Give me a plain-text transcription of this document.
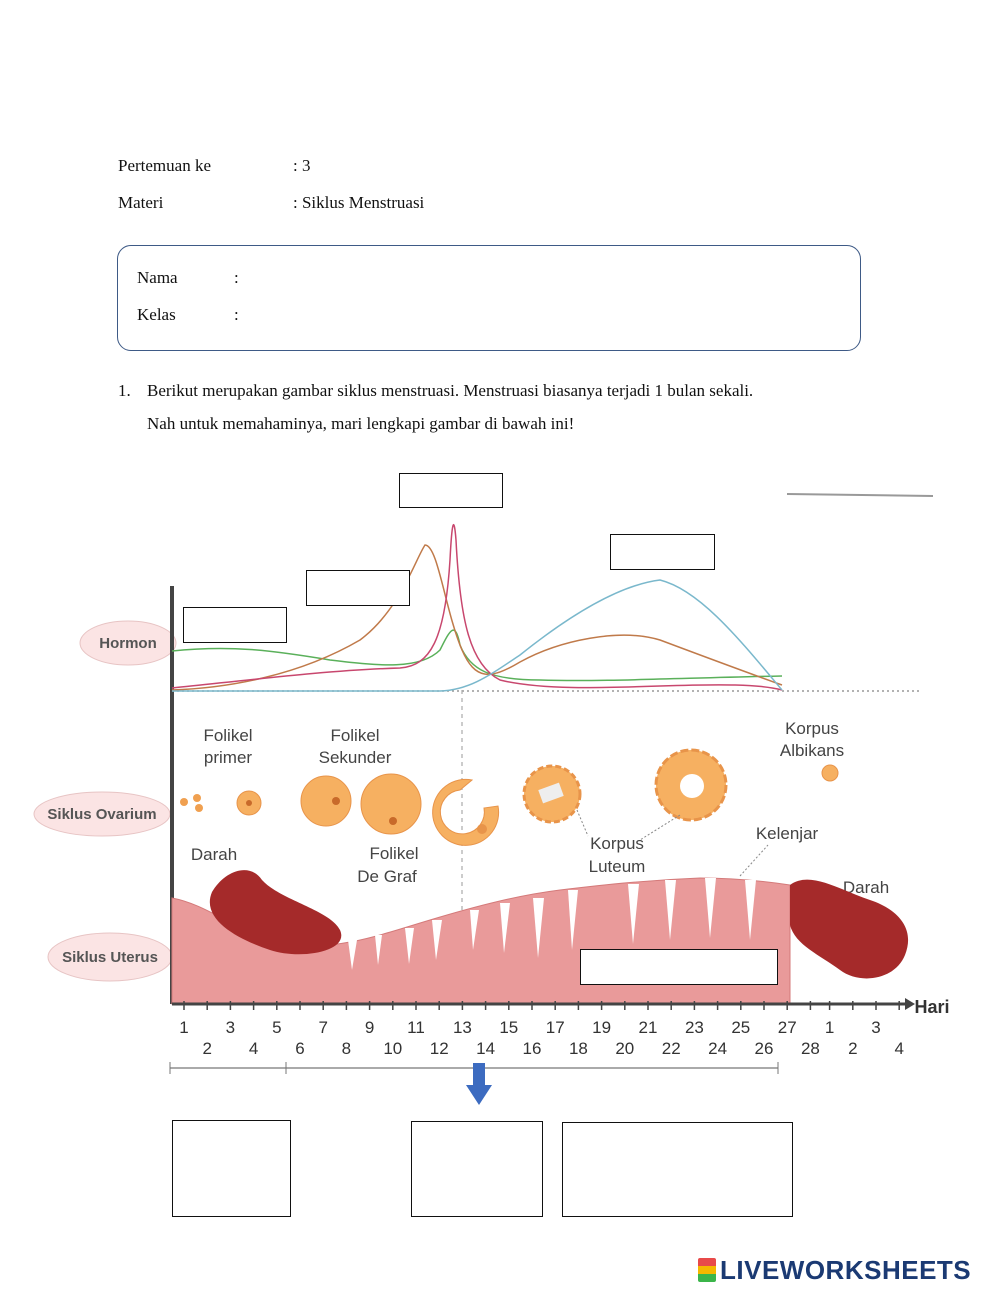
Pertemuan ke	: 3
Materi	: Siklus Menstruasi
Nama	:
Kelas	:
1. Berikut merupakan gambar siklus menstruasi. Menstruasi biasanya terjadi 1 bulan sekali.
Nah untuk memahaminya, mari lengkapi gambar di bawah ini!
Hormon
Siklus Ovarium
Siklus Uterus
Folikel
primer
Folikel
Sekunder
Folikel
De Graf
Korpus
Albikans
Korpus
Luteum
Kelenjar
Darah
Darah
Hari
1 3 5 7 9 11 13 15 17 19 21 23 25 27 1 3
2 4 6 8 10 12 14 16 18 20 22 24 26 28 2 4
LIVEWORKSHEETS
